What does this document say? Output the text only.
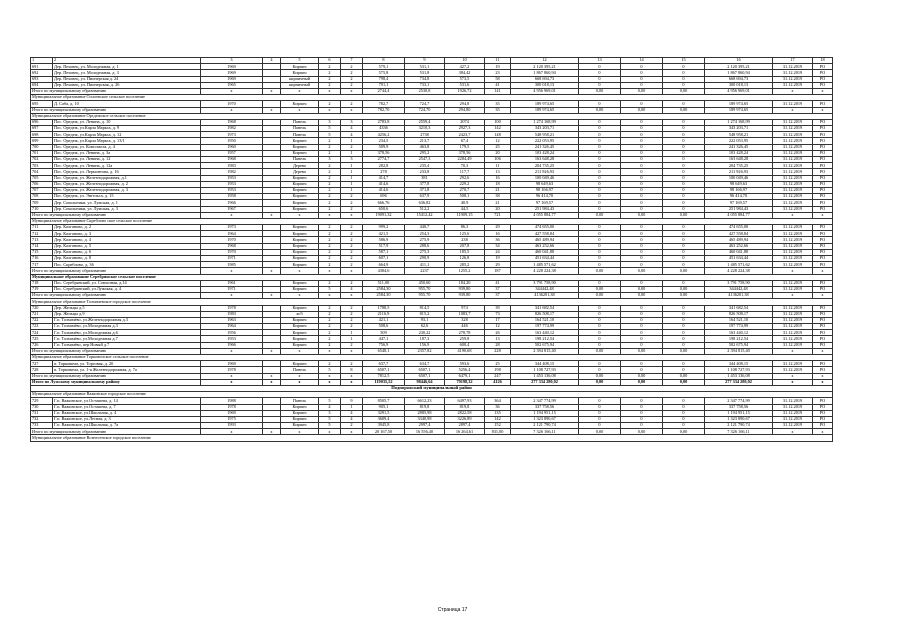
1	2	3	4	5	6	7	8	9	10	11	12	13	14	15	16	17	18
691	Дер. Пеховец, ул. Молодежная, д. 1	1969		Кирпич	2	2	579,1	531,1	427,2	19	2 120 395,21	0	0	0	2 120 395,21	31.12.2019	РО
692	Дер. Пеховец, ул. Молодежная, д. 3	1969		Кирпич	2	2	575,8	531,8	384,42	23	1 867 860,94	0	0	0	1 867 860,94	31.12.2019	РО
693	Дер. Пеховец, ул. Пионерская д. 24	1969		кирпичный	2	2	798,4	734,8	573,5	58	668 694,73	0	0	0	668 694,73	31.12.2019	РО
694	Дер. Пеховец, ул. Пионерская, д. 26	1965		кирпичный	2	2	791,1	733,1	531,6	41	300 018,13	0	0	0	300 018,13	31.12.2019	РО
Итого по муниципальному образованию		x	x	x	x	x	2744,4	2530,8	1926,72	141	4 956 969,01	0,00	0,00	0,00	4 956 969,01	x	x
Муниципальное образование Оллоевское сельское поселение																	
695	Д. Саба, д. 10	1970		Кирпич	2	2	782,7	724,7	294,8	35	189 974,65	0	0	0	189 974,65	31.12.2019	РО
Итого по муниципальному образованию		x	x	x	x	x	782,70	724,70	294,80	35	189 974,65	0,00	0,00	0,00	189 974,65	x	x
Муниципальное образование Орєдежское сельское поселение																	
696	Пос. Оредеж, ул. Ленина, д. 10	1968		Панель	3	3	2783,8	2559,4	2074	100	1 274 168,99	0	0	0	1 274 168,99	31.12.2019	РО
697	Пос. Оредеж, ул.Карла Маркса, д. 9	1982		Панель	5	4	4336	3210,3	2927,3	142	343 203,71	0	0	0	343 203,71	31.12.2019	РО
698	Пос. Оредеж, ул.Карла Маркса, д. 12	1973		Панель	5	4	4256,2	2738	2423,7	148	548 958,21	0	0	0	548 958,21	31.12.2019	РО
699	Пос. Оредеж, ул.Карла Маркса, д. 13/1	1950		Кирпич	2	1	234,5	213,7	67,4	12	222 053,95	0	0	0	222 053,95	31.12.2019	РО
700	Пос. Оредеж, ул. Комсомола, д. 4	1960		Кирпич	2	2	509,9	463,8	179,5	25	241 326,45	0	0	0	241 326,45	31.12.2019	РО
701	Пос. Оредеж, ул. Ленина, д. 3а	1957		Кирпич	2	1	378,56	295,2	378,56	20	103 428,24	0	0	0	103 428,24	31.12.2019	РО
702	Пос. Оредеж, ул. Ленина, д. 12	1968		Панель	3	3	2774,7	2547,3	2284,49	106	163 648,28	0	0	0	163 648,28	31.12.2019	РО
703	Пос. Оредеж, ул. Ленина, д. 12а	1983		Дерево	2	1	282,8	235,4	70,3	11	204 735,25	0	0	0	204 735,25	31.12.2019	РО
704	Пос. Оредеж, ул. Лермонтова, д. 16	1982		Дерево	2	1	278	233,8	117,7	13	211 926,93	0	0	0	211 926,93	31.12.2019	РО
705	Пос. Оредеж, ул. Железнодорожная, д.1	1953		Кирпич	2	1	414,7	381	292,6	16	100 049,46	0	0	0	100 049,46	31.12.2019	РО
706	Пос. Оредеж, ул. Железнодорожная, д. 2	1953		Кирпич	2	1	414,6	377,8	229,2	18	98 649,63	0	0	0	98 649,63	31.12.2019	РО
707	Пос. Оредеж, ул. Железнодорожная, д. 3	1953		Кирпич	2	1	414,6	371,8	270,7	21	98 166,97	0	0	0	98 166,97	31.12.2019	РО
708	Пос. Оредеж, ул. Энгельса, д. 15	1958		Кирпич	2	2	696	637,9	508,1	38	96 414,70	0	0	0	96 414,70	31.12.2019	РО
709	Дер. Сокольники, ул. Лужская, д. 1	1966		Кирпич	2	2	666,76	636,82	40,9	21	97 169,57	0	0	0	97 169,57	31.12.2019	РО
710	Дер. Сокольники, ул. Лужская, д. 3	1967		Кирпич	2	2	650,6	512,2	44,5	20	251 984,43	0	0	0	251 984,43	31.12.2019	РО
Итого по муниципальному образованию		x	x	x	x	x	19091,32	15412,42	11909,15	721	4 055 884,77	0,00	0,00	0,00	4 055 884,77	x	x
Муниципальное образование Скреблово ское сельское поселение																	
711	Дер. Калганово, д. 2	1973		Кирпич	2	2	999,2	440,7	86,3	29	474 655,00	0	0	0	474 655,00	31.12.2019	РО
712	Дер. Калганово, д. 3	1964		Кирпич	2	2	421,5	254,3	125,6	16	427 558,84	0	0	0	427 558,84	31.12.2019	РО
713	Дер. Калганово, д. 4	1970		Кирпич	2	2	586,9	275,9	238	36	465 489,94	0	0	0	465 489,94	31.12.2019	РО
714	Дер. Калганово, д. 5	1968		Кирпич	2	2	517,9	288,6	207,8	34	463 252,66	0	0	0	463 252,66	31.12.2019	РО
715	Дер. Калганово, д. 6	1970		Кирпич	2	2	587,1	275,3	185,5	24	460 041,88	0	0	0	460 041,88	31.12.2019	РО
716	Дер. Калганово, д. 8	1971		Кирпич	2	2	607,1	290,9	126,8	19	451 634,44	0	0	0	451 634,44	31.12.2019	РО
717	Пос. Скреблово, д. 36	1985		Кирпич	2	2	664,9	411,1	285,2	29	1 485 571,62	0	0	0	1 485 571,62	31.12.2019	РО
Итого по муниципальному образованию		x	x	x	x	x	4384,6	2237	1255,2	187	4 228 224,38	0,00	0,00	0,00	4 228 224,38	x	x
Муниципальное образование Серебрянское сельское поселение																	
718	Пос. Серебрянский, ул. Совхозная, д.14	1961		Кирпич	2	2	511,00	450,60	184,20	41	3 791 758,90	0	0	0	3 791 758,90	31.12.2019	РО
719	Пос. Серебрянский, ул.Лужская, д. 4	1971		Кирпич	5	4	2584,30	955,70	939,80	37	344442,48	0,00	0,00	0,00	344442,48	31.12.2019	РО
Итого по муниципальному образованию		x	x	x	x	x	2584,30	955,70	939,80	37	4136201,38	0,00	0,00	0,00	4136201,38	x	x
Муниципальное образование Толмачевское городское поселение																	
720	Дер. Жельцы д.5	1978		Кирпич	2	2	1788,5	814,5	974	39	341 682,54	0	0	0	341 682,54	31.12.2019	РО
721	Дер. Жельцы д.9	1983		ж/б	2	2	2116,9	815,2	1083,7	73	826 508,17	0	0	0	826 508,17	31.12.2019	РО
722	Г.п. Толмачёво, ул.Железнодорожная д.3	1963		Кирпич	2	2	421,1	93,1	328	17	164 521,10	0	0	0	164 521,10	31.12.2019	РО
723	Г.п. Толмачёво, ул.Молодежная д.3	1964		Кирпич	2	2	508,6	62,6	446	12	197 774,99	0	0	0	197 774,99	31.12.2019	РО
724	Г.п. Толмачёво, ул.Молодежная д.6	1956		Кирпич	2	1	509	230,22	278,78	26	163 440,12	0	0	0	163 440,12	31.12.2019	РО
725	Г.п. Толмачёво, ул.Молодежная д.7	1953		Кирпич	2	1	447,1	187,3	259,8	13	198 212,54	0	0	0	198 212,54	31.12.2019	РО
726	Г.п. Толмачёво, пер.Новый д.7	1966		Кирпич	2	2	756,9	156,9	600,4	28	502 675,94	0	0	0	502 675,94	31.12.2019	РО
Итого по муниципальному образованию		x	x	x	x	x	6548,1	2357,82	4190,68	228	2 394 815,40	0,00	0,00	0,00	2 394 815,40	x	x
Муниципальное образование Торковичское сельское поселение																	
727	п. Торковичи, ул. Торговая, д. 20	1969		Кирпич	2	2	637,7	634,7	593,6	25	344 408,15	0	0	0	344 408,15	31.12.2019	РО
728	п. Торковичи, ул. 1-я Железнодорожная, д. 7а	1978		Панель	5	8	6507,1	6507,1	5256,4	198	1 108 727,93	0	0	0	1 108 727,93	31.12.2019	РО
Итого по муниципальному образованию		x	x	x	x	x	7812,5	6507,1	6479,1	247	1 453 136,08	0,00	0,00	0,00	1 453 136,08	x	x
Итого по Лужскому муниципальному району		x	x	x	x	x	119035,52	98446,64	79198,32	4126	277 334 280,02	0,00	0,00	0,00	277 334 280,02	x	x
Подпорожский муниципальный район																	
Муниципальное образование Важинское городское поселение																	
729	Г.п. Важинское, ул.Осташева, д. 14	1988		Панель	5	9	8505,7	6612,23	6497,93	364	2 347 774,99	0	0	0	2 347 774,99	31.12.2019	РО
730	Г.п. Важинское, ул.Осташева, д. 7	1978		Кирпич	4	1	905,1	819,8	819,8	36	337 758,56	0	0	0	337 758,56	31.12.2019	РО
731	Г.п. Важинское, ул.Школьная, д. 4	1969		Кирпич	3	4	3291,5	2885,98	2822,58	135	1 194 951,15	0	0	0	1 194 951,15	31.12.2019	РО
732	Г.п. Важинское, ул.Лесная, д. 3	1975		Кирпич	5	4	3609,4	3340,98	3226,89	142	1 323 890,67	0	0	0	1 323 890,67	31.12.2019	РО
733	Г.п. Важинское, ул.Школьная, д. 7а	1993		Кирпич	5	2	3945,8	2997,4	2897,4	152	2 121 790,74	0	0	0	2 121 790,74	31.12.2019	РО
Итого по муниципальному образованию		x	x	x	x	x	20 167,50	16 556,40	16 264,61	831,00	7 326 166,11	0,00	0,00	0,00	7 326 166,11	x	x
Муниципальное образование Вознесенское городское поселение																	
Страница 17
